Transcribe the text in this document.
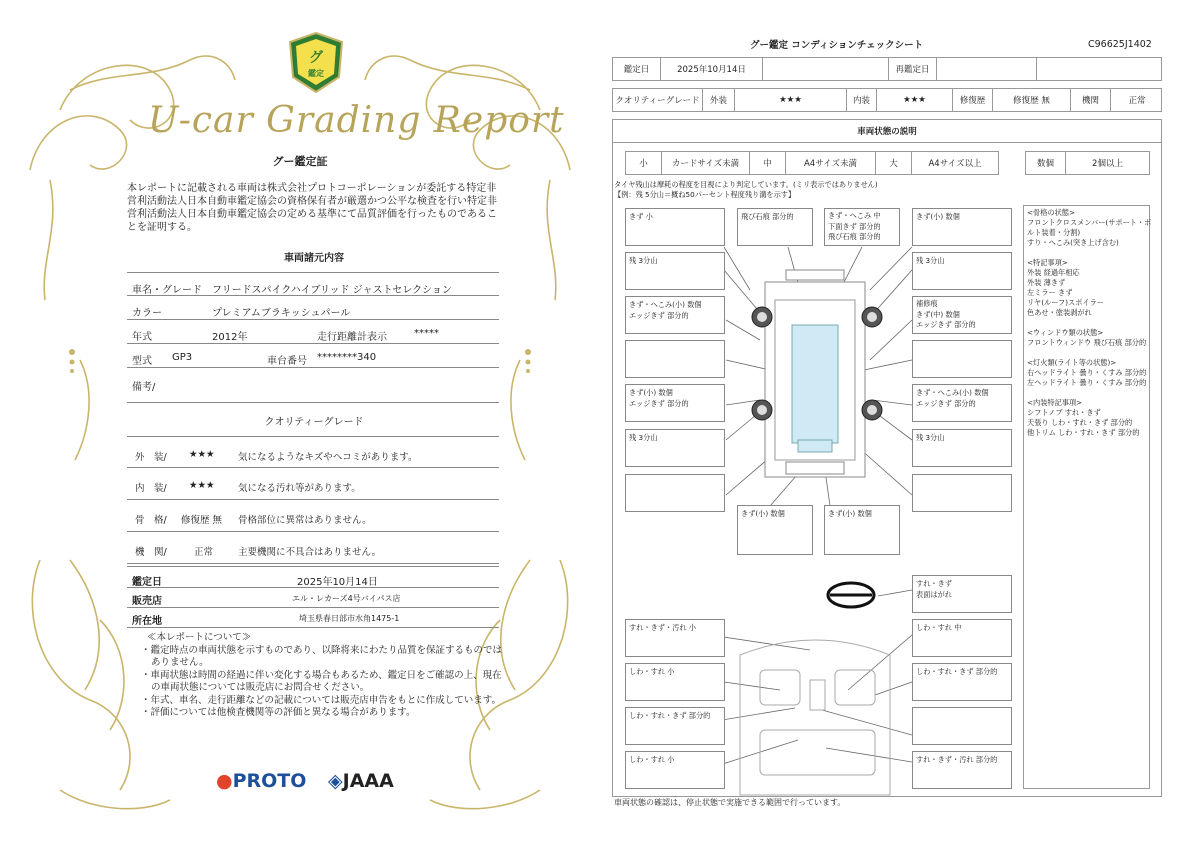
グ
鑑定
U-car Grading Report
グー鑑定証
本レポートに記載される車両は株式会社プロトコーポレーションが委託する特定非営利活動法人日本自動車鑑定協会の資格保有者が厳選かつ公平な検査を行い特定非営利活動法人日本自動車鑑定協会の定める基準にて品質評価を行ったものであることを証明する。
車両諸元内容
車名・グレード フリードスパイクハイブリッド ジャストセレクション
カラー	プレミアムブラキッシュパール
年式	2012年	走行距離計表示	*****
型式 GP3	車台番号 ********340
備考/
クオリティーグレード
外　装/ ★★★ 気になるようなキズやヘコミがあります。
内　装/ ★★★ 気になる汚れ等があります。
骨　格/ 修復歴 無 骨格部位に異常はありません。
機　関/	正常	主要機関に不具合はありません。
鑑定日	2025年10月14日
販売店	エル・レカーズ4号バイパス店
所在地	埼玉県春日部市水角1475-1
≪本レポートについて≫
・鑑定時点の車両状態を示すものであり、以降将来にわたり品質を保証するものではありません。
・車両状態は時間の経過に伴い変化する場合もあるため、鑑定日をご確認の上、現在の車両状態については販売店にお問合せください。
・年式、車名、走行距離などの記載については販売店申告をもとに作成しています。
・評価については他検査機関等の評価と異なる場合があります。
●PROTO ◈JAAA
グー鑑定 コンディションチェックシート	C96625J1402
鑑定日	2025年10月14日	再鑑定日
クオリティーグレード	外装	★★★	内装	★★★	修復歴	修復歴 無	機関	正常
車両状態の説明
小	カードサイズ未満	中	A4サイズ未満	大	A4サイズ以上	数個	2個以上
タイヤ残山は摩耗の程度を目視により判定しています。(ミリ表示ではありません)
【例：残 5分山＝概ね50パーセント程度残り溝を示す】
きず 小	飛び石痕 部分的	きず・へこみ 中
下面きず 部分的
飛び石痕 部分的
きず(小) 数個
残 3分山	残 3分山
きず・へこみ(小) 数個
エッジきず 部分的
補修痕
きず(中) 数個
エッジきず 部分的
きず(小) 数個
エッジきず 部分的
きず・へこみ(小) 数個
エッジきず 部分的
残 3分山	残 3分山
きず(小) 数個	きず(小) 数個
すれ・きず
表面はがれ
すれ・きず・汚れ 小	しわ・すれ 中
しわ・すれ 小	しわ・すれ・きず 部分的
しわ・すれ・きず 部分的
しわ・すれ 小	すれ・きず・汚れ 部分的
<骨格の状態>
フロントクロスメンバー(サポート・ボ
ルト装着・分割)
すり・へこみ(突き上げ含む)
<特記事項>
外装 経過年相応
外装 薄きず
左ミラー きず
リヤ(ルーフ)スポイラー
色あせ・塗装剥がれ
<ウィンドウ類の状態>
フロントウィンドウ 飛び石痕 部分的
<灯火類(ライト等の状態)>
右ヘッドライト 曇り・くすみ 部分的
左ヘッドライト 曇り・くすみ 部分的
<内装特記事項>
シフトノブ すれ・きず
天張り しわ・すれ・きず 部分的
他トリム しわ・すれ・きず 部分的
車両状態の確認は、停止状態で実施できる範囲で行っています。
